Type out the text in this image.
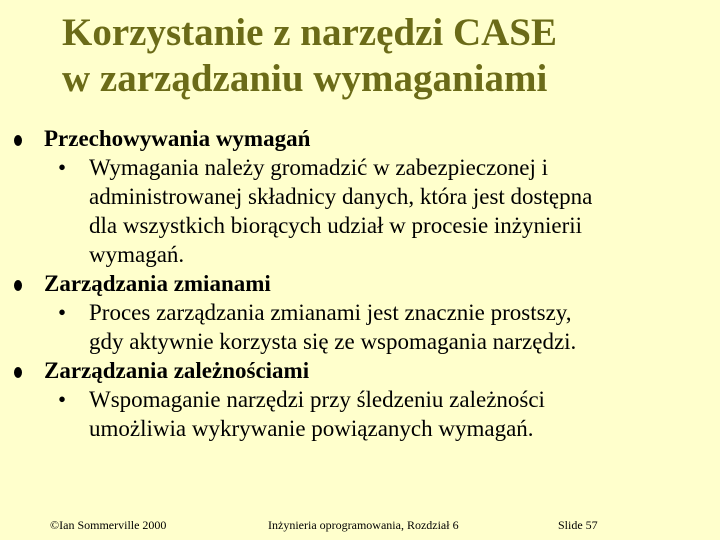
Korzystanie z narzędzi CASE
w zarządzaniu wymaganiami
Przechowywania wymagań
• Wymagania należy gromadzić w zabezpieczonej i
administrowanej składnicy danych, która jest dostępna
dla wszystkich biorących udział w procesie inżynierii
wymagań.
Zarządzania zmianami
• Proces zarządzania zmianami jest znacznie prostszy,
gdy aktywnie korzysta się ze wspomagania narzędzi.
Zarządzania zależnościami
• Wspomaganie narzędzi przy śledzeniu zależności
umożliwia wykrywanie powiązanych wymagań.
©Ian Sommerville 2000	Inżynieria oprogramowania, Rozdział 6	Slide 57
